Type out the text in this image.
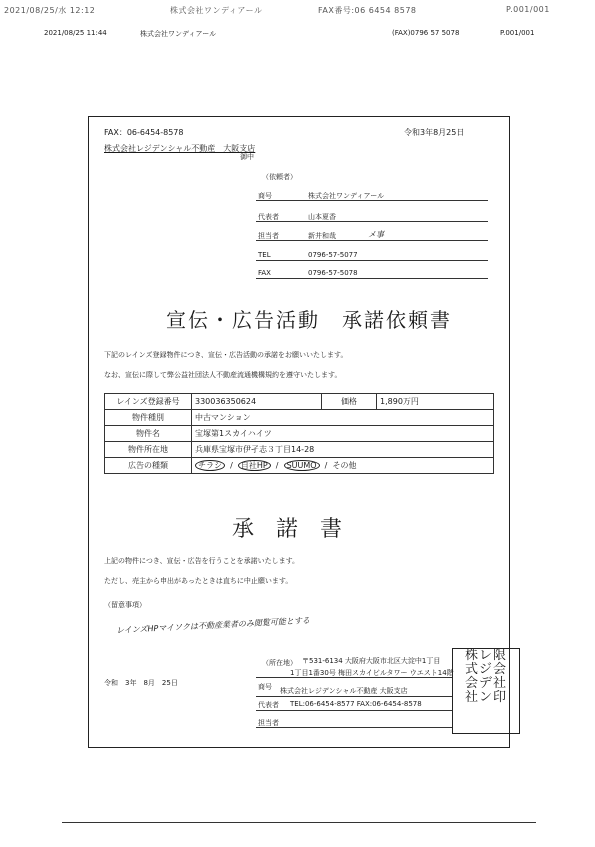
2021/08/25/水 12:12	株式会社ワンディアール	FAX番号:06 6454 8578	P.001/001
2021/08/25 11:44	株式会社ワンディアール	(FAX)0796 57 5078	P.001/001
FAX：06-6454-8578	令和3年8月25日
株式会社レジデンシャル不動産　大阪支店
御中
（依頼者）
商号	株式会社ワンディアール
代表者	山本夏香
担当者	新井和哉	メ事
TEL	0796-57-5077
FAX	0796-57-5078
宣伝・広告活動　承諾依頼書
下記のレインズ登録物件につき、宣伝・広告活動の承諾をお願いいたします。
なお、宣伝に際して弊公益社団法人不動産流通機構規約を遵守いたします。
レインズ登録番号	330036350624	価格	1,890万円
物件種別	中古マンション		
物件名	宝塚第1スカイハイツ		
物件所在地	兵庫県宝塚市伊孑志３丁目14-28		
広告の種類	チラシ  /  自社HP  /  SUUMO  /  その他		
承　諾　書
上記の物件につき、宣伝・広告を行うことを承諾いたします。
ただし、売主から申出があったときは直ちに中止願います。
（留意事項）
レインズHPマイソクは不動産業者のみ閲覧可能とする
令和　3年　8月　25日
（所在地） 〒531-6134 大阪府大阪市北区大淀中1丁目
1丁目1番30号 梅田スカイビルタワー ウエスト14階
商号 株式会社レジデンシャル不動産 大阪支店
代表者 TEL:06-6454-8577 FAX:06-6454-8578
担当者
株レ限
式ジ会
会デ社
社ン印
